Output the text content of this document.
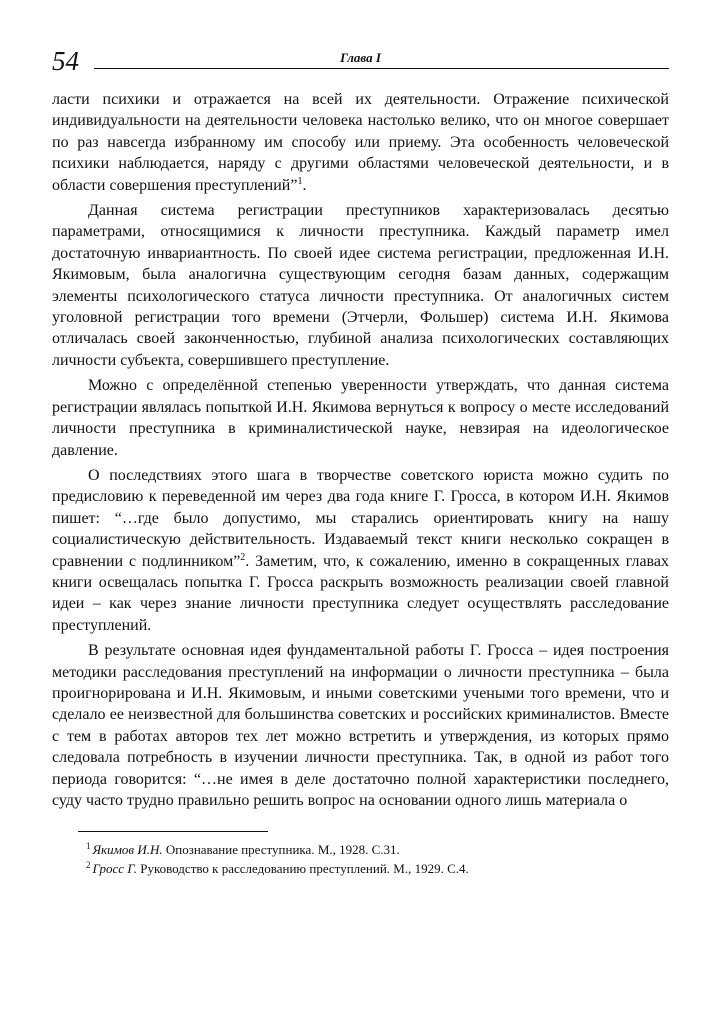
54	Глава I

ласти психики и отражается на всей их деятельности. Отражение психической индивидуальности на деятельности человека настолько велико, что он многое совершает по раз навсегда избранному им способу или приему. Эта особенность человеческой психики наблюдается, наряду с другими областями человеческой деятельности, и в области совершения преступлений”$^1$.

Данная система регистрации преступников характеризовалась десятью параметрами, относящимися к личности преступника. Каждый параметр имел достаточную инвариантность. По своей идее система регистрации, предложенная И.Н. Якимовым, была аналогична существующим сегодня базам данных, содержащим элементы психологического статуса личности преступника. От аналогичных систем уголовной регистрации того времени (Этчерли, Фольшер) система И.Н. Якимова отличалась своей законченностью, глубиной анализа психологических составляющих личности субъекта, совершившего преступление.

Можно с определённой степенью уверенности утверждать, что данная система регистрации являлась попыткой И.Н. Якимова вернуться к вопросу о месте исследований личности преступника в криминалистической науке, невзирая на идеологическое давление.

О последствиях этого шага в творчестве советского юриста можно судить по предисловию к переведенной им через два года книге Г. Гросса, в котором И.Н. Якимов пишет: “…где было допустимо, мы старались ориентировать книгу на нашу социалистическую действительность. Издаваемый текст книги несколько сокращен в сравнении с подлинником”$^2$. Заметим, что, к сожалению, именно в сокращенных главах книги освещалась попытка Г. Гросса раскрыть возможность реализации своей главной идеи – как через знание личности преступника следует осуществлять расследование преступлений.

В результате основная идея фундаментальной работы Г. Гросса – идея построения методики расследования преступлений на информации о личности преступника – была проигнорирована и И.Н. Якимовым, и иными советскими учеными того времени, что и сделало ее неизвестной для большинства советских и российских криминалистов. Вместе с тем в работах авторов тех лет можно встретить и утверждения, из которых прямо следовала потребность в изучении личности преступника. Так, в одной из работ того периода говорится: “…не имея в деле достаточно полной характеристики последнего, суду часто трудно правильно решить вопрос на основании одного лишь материала о

$^1$ Якимов И.Н. Опознавание преступника. М., 1928. С.31.
$^2$ Гросс Г. Руководство к расследованию преступлений. М., 1929. С.4.
